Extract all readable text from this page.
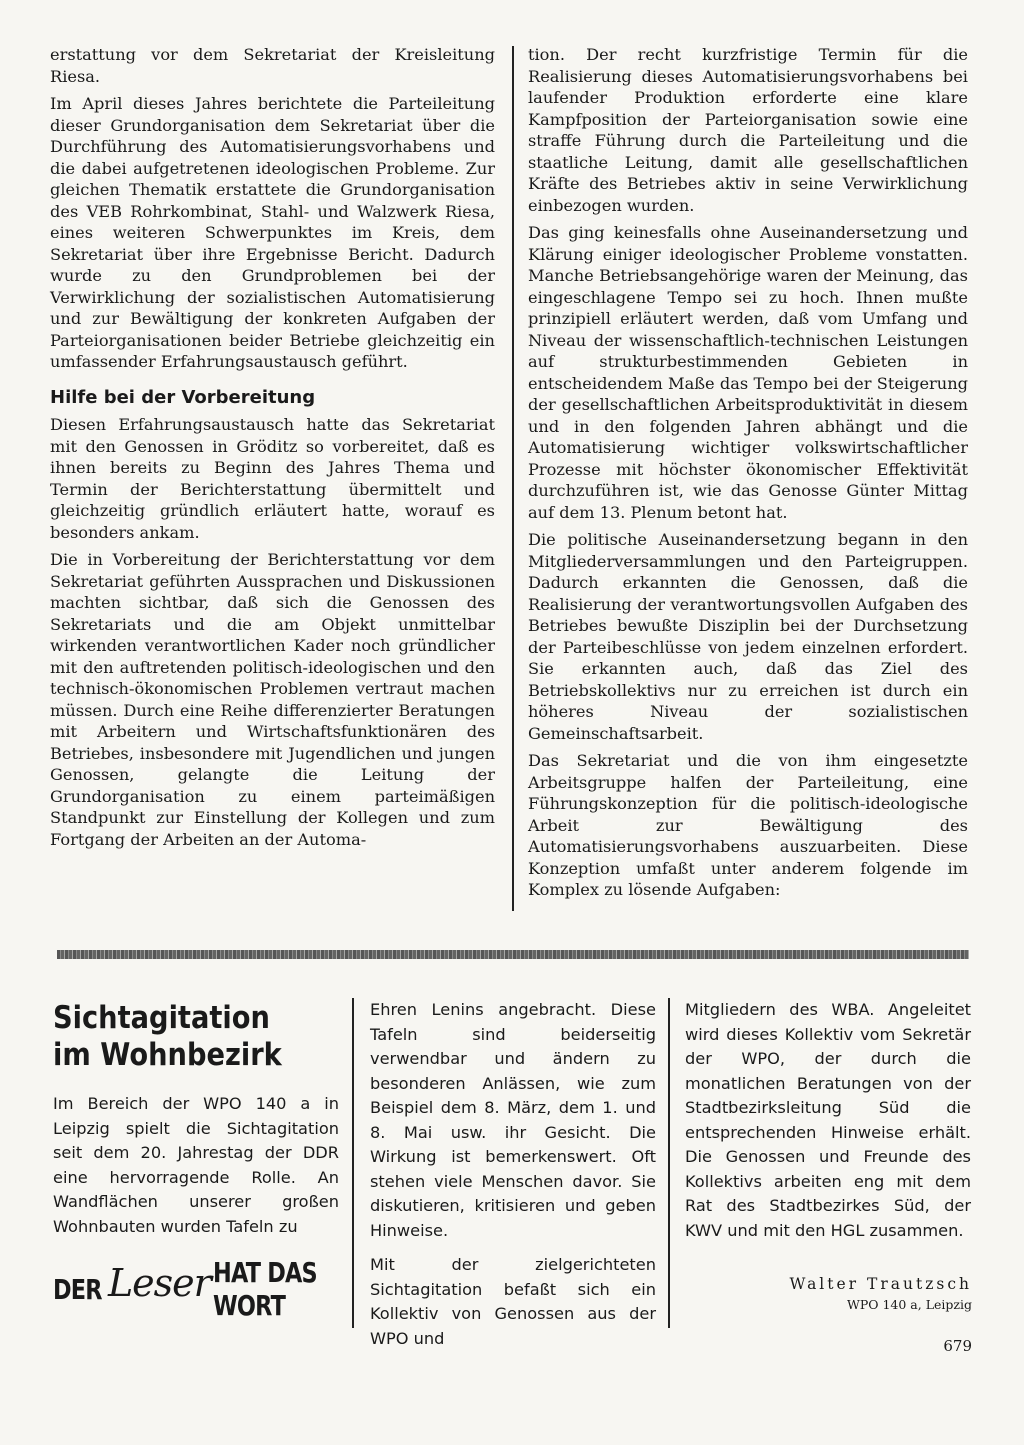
erstattung vor dem Sekretariat der Kreisleitung Riesa.

Im April dieses Jahres berichtete die Parteileitung dieser Grundorganisation dem Sekretariat über die Durchführung des Automatisierungsvorhabens und die dabei aufgetretenen ideologischen Probleme. Zur gleichen Thematik erstattete die Grundorganisation des VEB Rohrkombinat, Stahl- und Walzwerk Riesa, eines weiteren Schwerpunktes im Kreis, dem Sekretariat über ihre Ergebnisse Bericht. Dadurch wurde zu den Grundproblemen bei der Verwirklichung der sozialistischen Automatisierung und zur Bewältigung der konkreten Aufgaben der Parteiorganisationen beider Betriebe gleichzeitig ein umfassender Erfahrungsaustausch geführt.

Hilfe bei der Vorbereitung

Diesen Erfahrungsaustausch hatte das Sekretariat mit den Genossen in Gröditz so vorbereitet, daß es ihnen bereits zu Beginn des Jahres Thema und Termin der Berichterstattung übermittelt und gleichzeitig gründlich erläutert hatte, worauf es besonders ankam.

Die in Vorbereitung der Berichterstattung vor dem Sekretariat geführten Aussprachen und Diskussionen machten sichtbar, daß sich die Genossen des Sekretariats und die am Objekt unmittelbar wirkenden verantwortlichen Kader noch gründlicher mit den auftretenden politisch-ideologischen und den technisch-ökonomischen Problemen vertraut machen müssen. Durch eine Reihe differenzierter Beratungen mit Arbeitern und Wirtschaftsfunktionären des Betriebes, insbesondere mit Jugendlichen und jungen Genossen, gelangte die Leitung der Grundorganisation zu einem parteimäßigen Standpunkt zur Einstellung der Kollegen und zum Fortgang der Arbeiten an der Automa-

tion. Der recht kurzfristige Termin für die Realisierung dieses Automatisierungsvorhabens bei laufender Produktion erforderte eine klare Kampfposition der Parteiorganisation sowie eine straffe Führung durch die Parteileitung und die staatliche Leitung, damit alle gesellschaftlichen Kräfte des Betriebes aktiv in seine Verwirklichung einbezogen wurden.

Das ging keinesfalls ohne Auseinandersetzung und Klärung einiger ideologischer Probleme vonstatten. Manche Betriebsangehörige waren der Meinung, das eingeschlagene Tempo sei zu hoch. Ihnen mußte prinzipiell erläutert werden, daß vom Umfang und Niveau der wissenschaftlich-technischen Leistungen auf strukturbestimmenden Gebieten in entscheidendem Maße das Tempo bei der Steigerung der gesellschaftlichen Arbeitsproduktivität in diesem und in den folgenden Jahren abhängt und die Automatisierung wichtiger volkswirtschaftlicher Prozesse mit höchster ökonomischer Effektivität durchzuführen ist, wie das Genosse Günter Mittag auf dem 13. Plenum betont hat.

Die politische Auseinandersetzung begann in den Mitgliederversammlungen und den Parteigruppen. Dadurch erkannten die Genossen, daß die Realisierung der verantwortungsvollen Aufgaben des Betriebes bewußte Disziplin bei der Durchsetzung der Parteibeschlüsse von jedem einzelnen erfordert. Sie erkannten auch, daß das Ziel des Betriebskollektivs nur zu erreichen ist durch ein höheres Niveau der sozialistischen Gemeinschaftsarbeit.

Das Sekretariat und die von ihm eingesetzte Arbeitsgruppe halfen der Parteileitung, eine Führungskonzeption für die politisch-ideologische Arbeit zur Bewältigung des Automatisierungsvorhabens auszuarbeiten. Diese Konzeption umfaßt unter anderem folgende im Komplex zu lösende Aufgaben:

Sichtagitation im Wohnbezirk

Im Bereich der WPO 140 a in Leipzig spielt die Sichtagitation seit dem 20. Jahrestag der DDR eine hervorragende Rolle. An Wandflächen unserer großen Wohnbauten wurden Tafeln zu

DER Leser HAT DAS WORT

Ehren Lenins angebracht. Diese Tafeln sind beiderseitig verwendbar und ändern zu besonderen Anlässen, wie zum Beispiel dem 8. März, dem 1. und 8. Mai usw. ihr Gesicht. Die Wirkung ist bemerkenswert. Oft stehen viele Menschen davor. Sie diskutieren, kritisieren und geben Hinweise.

Mit der zielgerichteten Sichtagitation befaßt sich ein Kollektiv von Genossen aus der WPO und

Mitgliedern des WBA. Angeleitet wird dieses Kollektiv vom Sekretär der WPO, der durch die monatlichen Beratungen von der Stadtbezirksleitung Süd die entsprechenden Hinweise erhält. Die Genossen und Freunde des Kollektivs arbeiten eng mit dem Rat des Stadtbezirkes Süd, der KWV und mit den HGL zusammen.

Walter Trautzsch
WPO 140 a, Leipzig
679
